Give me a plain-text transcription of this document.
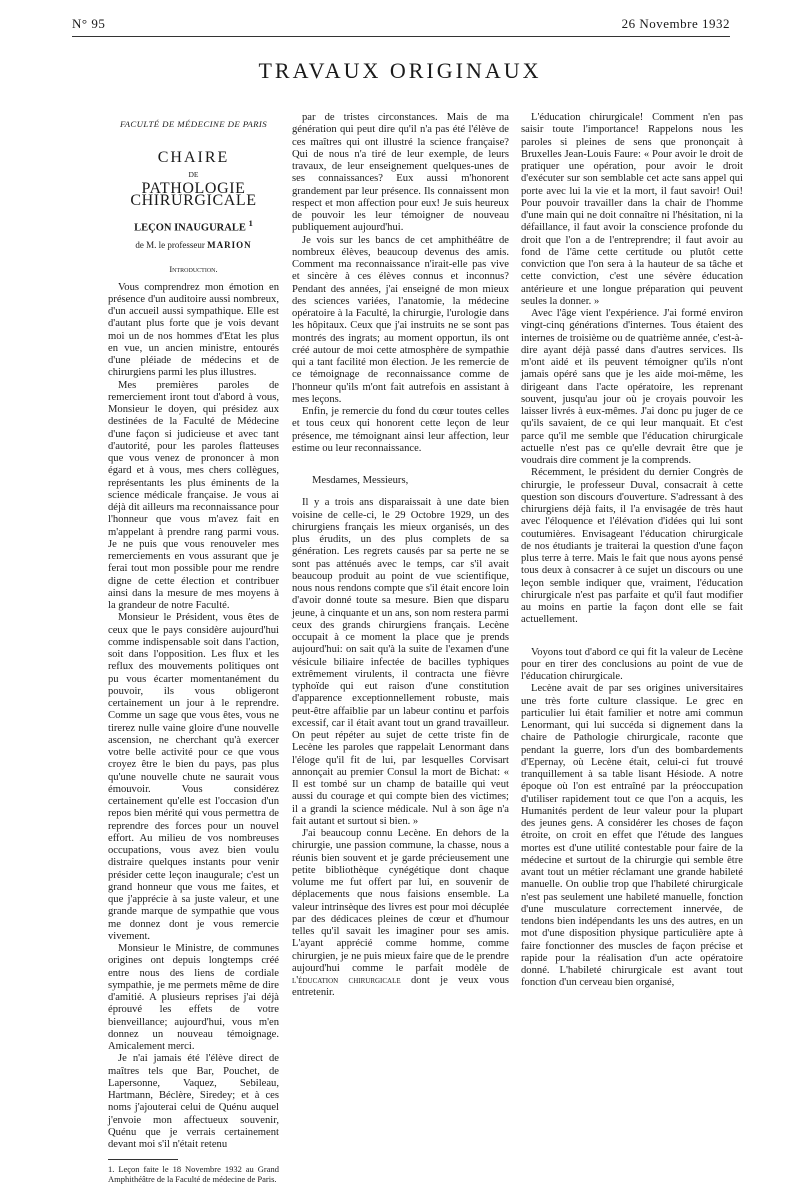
N° 95	26 Novembre 1932
TRAVAUX ORIGINAUX
FACULTÉ DE MÉDECINE DE PARIS
CHAIRE
DE
PATHOLOGIE CHIRURGICALE
LEÇON INAUGURALE $^1$
de M. le professeur MARION
Introduction.

Vous comprendrez mon émotion en présence d'un auditoire aussi nombreux, d'un accueil aussi sympathique. Elle est d'autant plus forte que je vois devant moi un de nos hommes d'Etat les plus en vue, un ancien ministre, entourés d'une pléiade de médecins et de chirurgiens parmi les plus illustres.

Mes premières paroles de remerciement iront tout d'abord à vous, Monsieur le doyen, qui présidez aux destinées de la Faculté de Médecine d'une façon si judicieuse et avec tant d'autorité, pour les paroles flatteuses que vous venez de prononcer à mon égard et à vous, mes chers collègues, représentants les plus éminents de la science médicale française. Je vous ai déjà dit ailleurs ma reconnaissance pour l'honneur que vous m'avez fait en m'appelant à prendre rang parmi vous. Je ne puis que vous renouveler mes remerciements en vous assurant que je ferai tout mon possible pour me rendre digne de cette élection et contribuer ainsi dans la mesure de mes moyens à la grandeur de notre Faculté.

Monsieur le Président, vous êtes de ceux que le pays considère aujourd'hui comme indispensable soit dans l'action, soit dans l'opposition. Les flux et les reflux des mouvements politiques ont pu vous écarter momentanément du pouvoir, ils vous obligeront certainement un jour à le reprendre. Comme un sage que vous êtes, vous ne tirerez nulle vaine gloire d'une nouvelle ascension, ne cherchant qu'à exercer votre belle activité pour ce que vous croyez être le bien du pays, pas plus qu'une nouvelle chute ne saurait vous émouvoir. Vous considérez certainement qu'elle est l'occasion d'un repos bien mérité qui vous permettra de reprendre des forces pour un nouvel effort. Au milieu de vos nombreuses occupations, vous avez bien voulu distraire quelques instants pour venir présider cette leçon inaugurale; c'est un grand honneur que vous me faites, et que j'apprécie à sa juste valeur, et une grande marque de sympathie que vous me donnez dont je vous remercie vivement.

Monsieur le Ministre, de communes origines ont depuis longtemps créé entre nous des liens de cordiale sympathie, je me permets même de dire d'amitié. A plusieurs reprises j'ai déjà éprouvé les effets de votre bienveillance; aujourd'hui, vous m'en donnez un nouveau témoignage. Amicalement merci.

Je n'ai jamais été l'élève direct de maîtres tels que Bar, Pouchet, de Lapersonne, Vaquez, Sebileau, Hartmann, Béclère, Siredey; et à ces noms j'ajouterai celui de Quénu auquel j'envoie mon affectueux souvenir, Quénu que je verrais certainement devant moi s'il n'était retenu

1. Leçon faite le 18 Novembre 1932 au Grand Amphithéâtre de la Faculté de médecine de Paris.

par de tristes circonstances. Mais de ma génération qui peut dire qu'il n'a pas été l'élève de ces maîtres qui ont illustré la science française? Qui de nous n'a tiré de leur exemple, de leurs travaux, de leur enseignement quelques-unes de ses connaissances? Eux aussi m'honorent grandement par leur présence. Ils connaissent mon respect et mon affection pour eux! Je suis heureux de pouvoir les leur témoigner de nouveau publiquement aujourd'hui.

Je vois sur les bancs de cet amphithéâtre de nombreux élèves, beaucoup devenus des amis. Comment ma reconnaissance n'irait-elle pas vive et sincère à ces élèves connus et inconnus? Pendant des années, j'ai enseigné de mon mieux des sciences variées, l'anatomie, la médecine opératoire à la Faculté, la chirurgie, l'urologie dans les hôpitaux. Ceux que j'ai instruits ne se sont pas montrés des ingrats; au moment opportun, ils ont créé autour de moi cette atmosphère de sympathie qui a tant facilité mon élection. Je les remercie de ce témoignage de reconnaissance comme de l'honneur qu'ils m'ont fait autrefois en assistant à mes leçons.

Enfin, je remercie du fond du cœur toutes celles et tous ceux qui honorent cette leçon de leur présence, me témoignant ainsi leur affection, leur estime ou leur reconnaissance.

Mesdames, Messieurs,

Il y a trois ans disparaissait à une date bien voisine de celle-ci, le 29 Octobre 1929, un des chirurgiens français les mieux organisés, un des plus érudits, un des plus complets de sa génération. Les regrets causés par sa perte ne se sont pas atténués avec le temps, car s'il avait beaucoup produit au point de vue scientifique, nous nous rendons compte que s'il était encore loin d'avoir donné toute sa mesure. Bien que disparu jeune, à cinquante et un ans, son nom restera parmi ceux des grands chirurgiens français. Lecène occupait à ce moment la place que je prends aujourd'hui: on sait qu'à la suite de l'examen d'une vésicule biliaire infectée de bacilles typhiques extrêmement virulents, il contracta une fièvre typhoïde qui eut raison d'une constitution d'apparence exceptionnellement robuste, mais peut-être affaiblie par un labeur continu et parfois excessif, car il était avant tout un grand travailleur. On peut répéter au sujet de cette triste fin de Lecène les paroles que rappelait Lenormant dans l'éloge qu'il fit de lui, par lesquelles Corvisart annonçait au premier Consul la mort de Bichat: « Il est tombé sur un champ de bataille qui veut aussi du courage et qui compte bien des victimes; il a grandi la science médicale. Nul à son âge n'a fait autant et surtout si bien. »

J'ai beaucoup connu Lecène. En dehors de la chirurgie, une passion commune, la chasse, nous a réunis bien souvent et je garde précieusement une petite bibliothèque cynégétique dont chaque volume me fut offert par lui, en souvenir de déplacements que nous faisions ensemble. La valeur intrinsèque des livres est pour moi décuplée par des dédicaces pleines de cœur et d'humour telles qu'il savait les imaginer pour ses amis. L'ayant apprécié comme homme, comme chirurgien, je ne puis mieux faire que de le prendre aujourd'hui comme le parfait modèle de l'éducation chirurgicale dont je veux vous entretenir.

L'éducation chirurgicale! Comment n'en pas saisir toute l'importance! Rappelons nous les paroles si pleines de sens que prononçait à Bruxelles Jean-Louis Faure: « Pour avoir le droit de pratiquer une opération, pour avoir le droit d'exécuter sur son semblable cet acte sans appel qui porte avec lui la vie et la mort, il faut savoir! Oui! Pour pouvoir travailler dans la chair de l'homme d'une main qui ne doit connaître ni l'hésitation, ni la défaillance, il faut avoir la conscience profonde du droit que l'on a de l'entreprendre; il faut avoir au fond de l'âme cette certitude ou plutôt cette conviction que l'on sera à la hauteur de sa tâche et cette conviction, c'est une sévère éducation antérieure et une longue préparation qui peuvent seules la donner. »

Avec l'âge vient l'expérience. J'ai formé environ vingt-cinq générations d'internes. Tous étaient des internes de troisième ou de quatrième année, c'est-à-dire ayant déjà passé dans d'autres services. Ils m'ont aidé et ils peuvent témoigner qu'ils n'ont jamais opéré sans que je les aide moi-même, les dirigeant dans l'acte opératoire, les reprenant souvent, jusqu'au jour où je croyais pouvoir les laisser livrés à eux-mêmes. J'ai donc pu juger de ce qu'ils savaient, de ce qui leur manquait. Et c'est parce qu'il me semble que l'éducation chirurgicale actuelle n'est pas ce qu'elle devrait être que je voudrais dire comment je la comprends.

Récemment, le président du dernier Congrès de chirurgie, le professeur Duval, consacrait à cette question son discours d'ouverture. S'adressant à des chirurgiens déjà faits, il l'a envisagée de très haut avec l'éloquence et l'élévation d'idées qui lui sont coutumières. Envisageant l'éducation chirurgicale de nos étudiants je traiterai la question d'une façon plus terre à terre. Mais le fait que nous ayons pensé tous deux à consacrer à ce sujet un discours ou une leçon semble indiquer que, vraiment, l'éducation chirurgicale n'est pas parfaite et qu'il faut modifier au moins en partie la façon dont elle se fait actuellement.

Voyons tout d'abord ce qui fit la valeur de Lecène pour en tirer des conclusions au point de vue de l'éducation chirurgicale.

Lecène avait de par ses origines universitaires une très forte culture classique. Le grec en particulier lui était familier et notre ami commun Lenormant, qui lui succéda si dignement dans la chaire de Pathologie chirurgicale, raconte que pendant la guerre, lors d'un des bombardements d'Epernay, où Lecène était, celui-ci fut trouvé tranquillement à sa table lisant Hésiode. A notre époque où l'on est entraîné par la préoccupation d'utiliser rapidement tout ce que l'on a acquis, les Humanités perdent de leur valeur pour la plupart des jeunes gens. A considérer les choses de façon étroite, on croit en effet que l'étude des langues mortes est d'une utilité contestable pour faire de la médecine et surtout de la chirurgie qui semble être avant tout un métier réclamant une grande habileté manuelle. On oublie trop que l'habileté chirurgicale n'est pas seulement une habileté manuelle, fonction d'une musculature correctement innervée, de tendons bien indépendants les uns des autres, en un mot d'une disposition physique particulière apte à faire fonctionner des muscles de façon précise et rapide pour la réalisation d'un acte opératoire donné. L'habileté chirurgicale est avant tout fonction d'un cerveau bien organisé,
